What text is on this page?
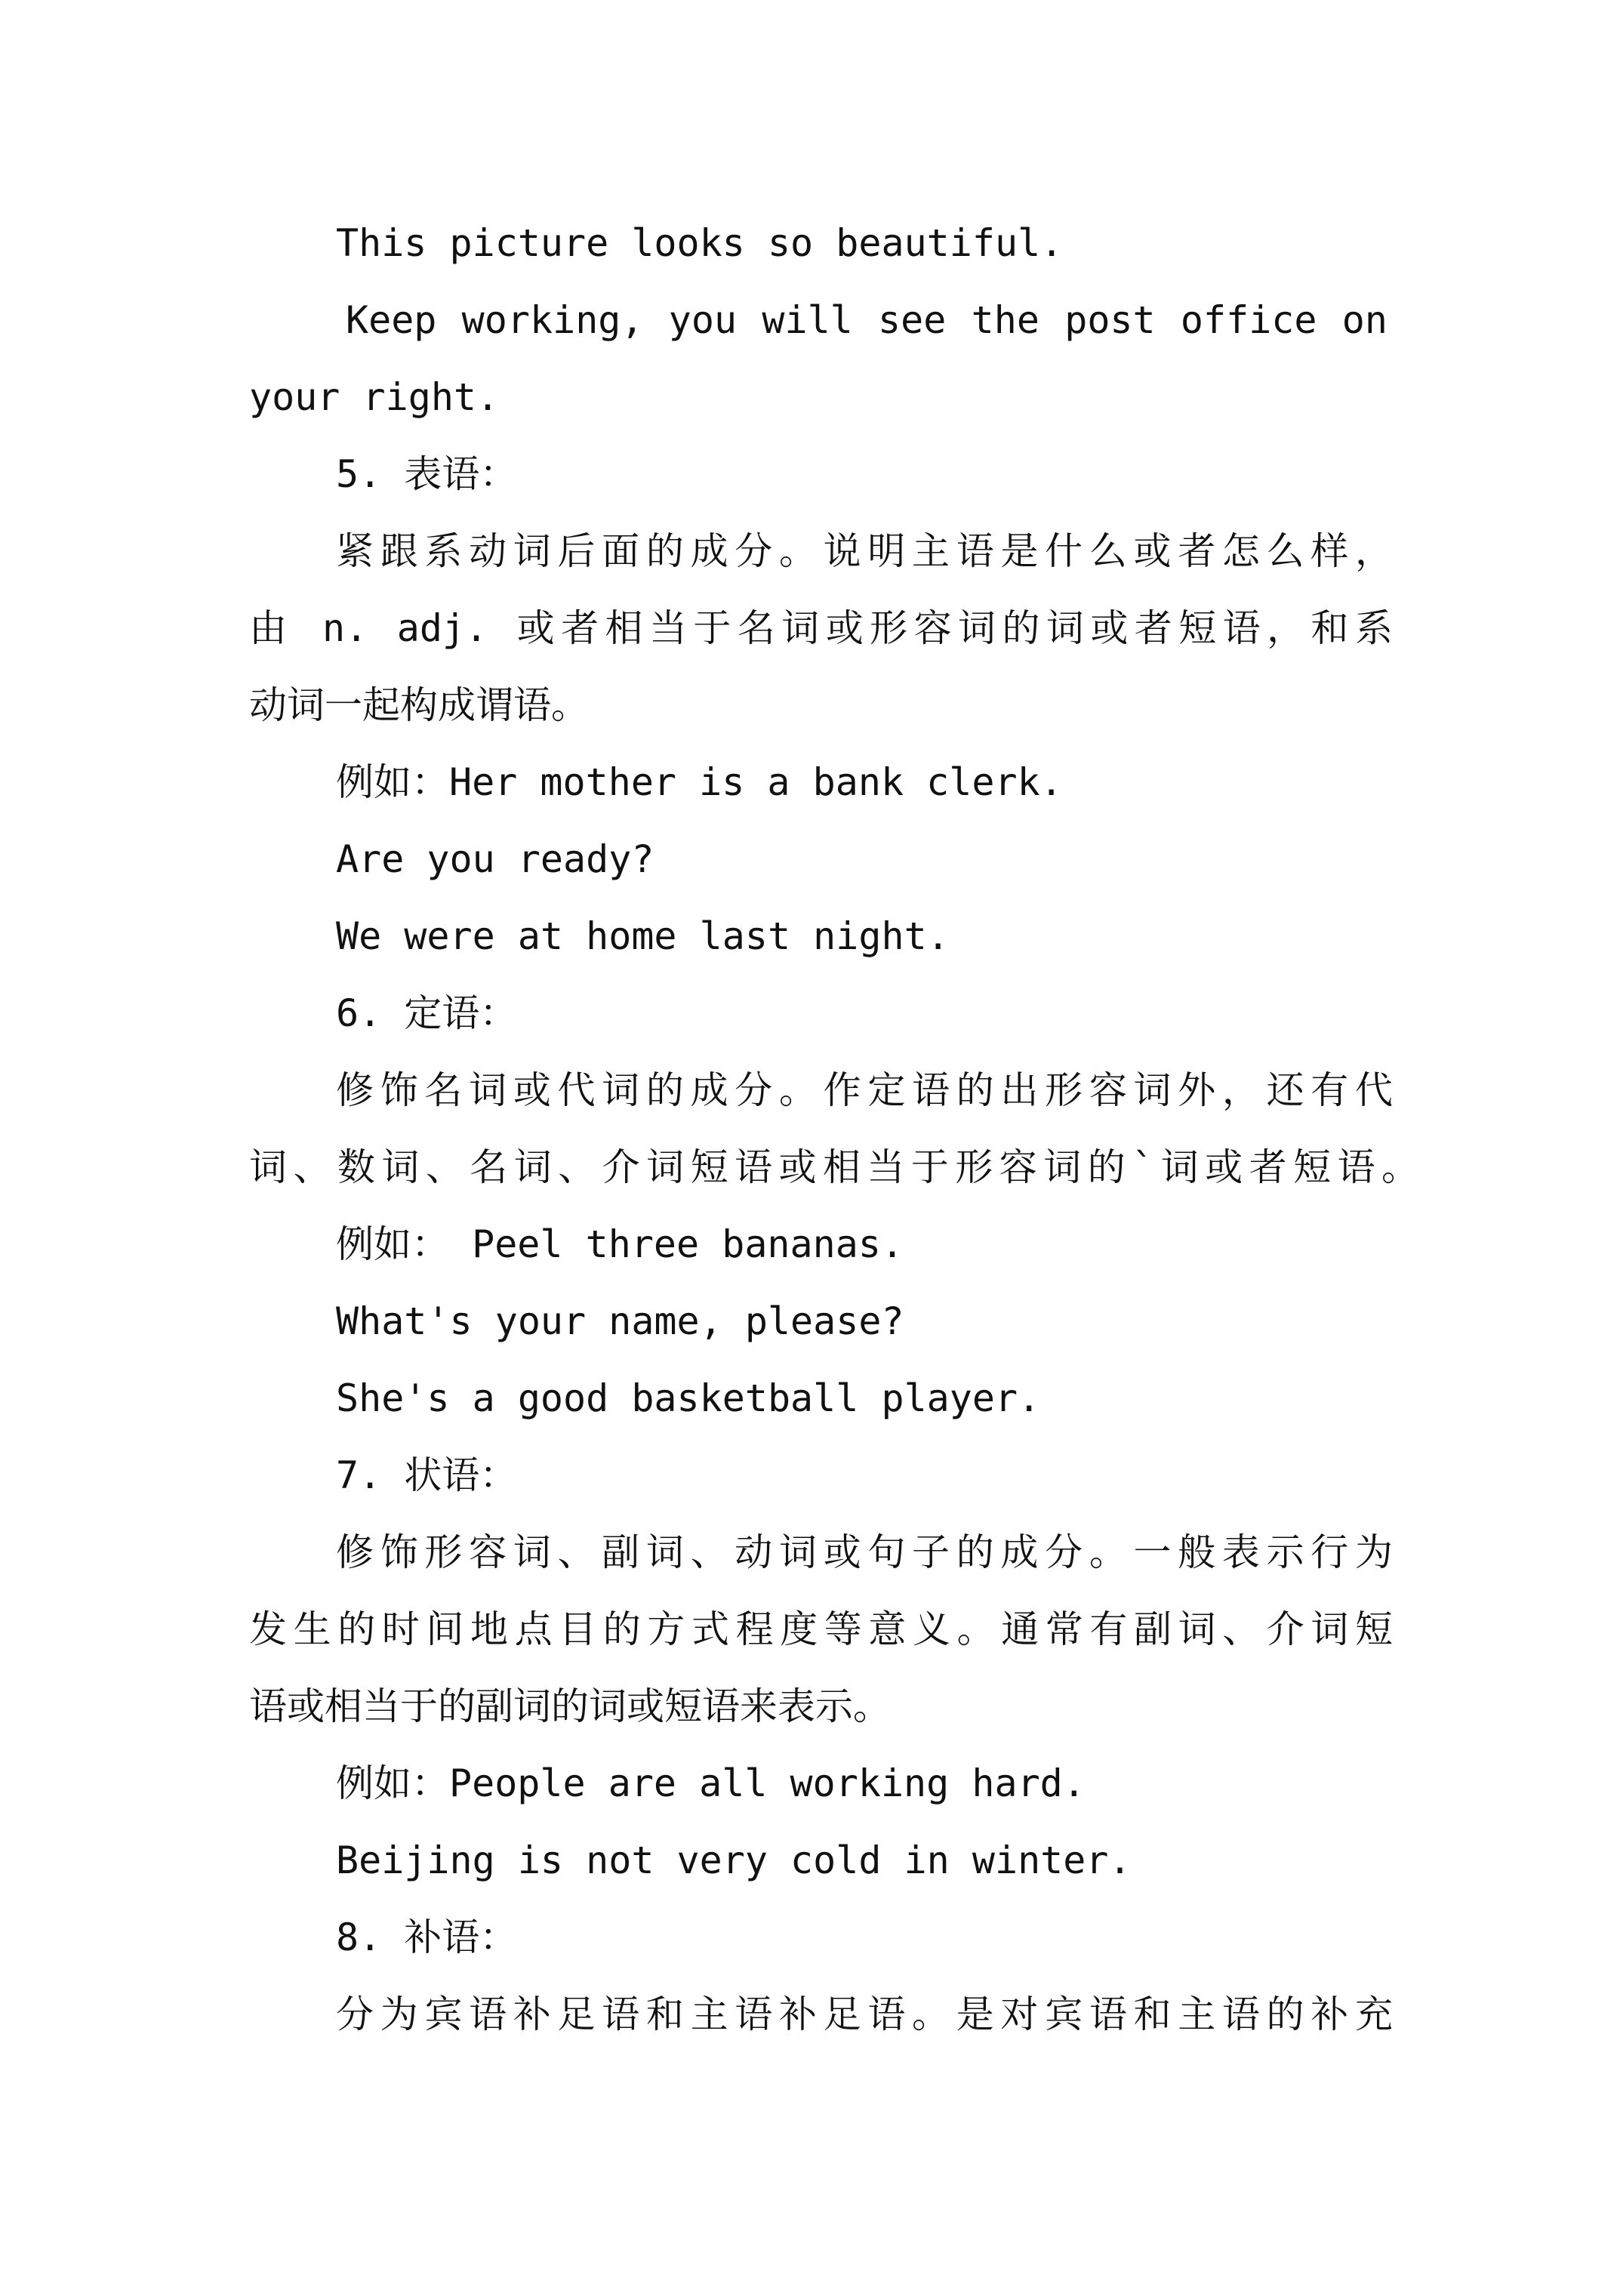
This picture looks so beautiful.
Keep working, you will see the post office on
your right.
5. 表语：
紧跟系动词后面的成分。说明主语是什么或者怎么样，
由 n. adj. 或者相当于名词或形容词的词或者短语，和系
动词一起构成谓语。
例如：Her mother is a bank clerk.
Are you ready?
We were at home last night.
6. 定语：
修饰名词或代词的成分。作定语的出形容词外，还有代
词、数词、名词、介词短语或相当于形容词的`词或者短语。
例如： Peel three bananas.
What's your name, please?
She's a good basketball player.
7. 状语：
修饰形容词、副词、动词或句子的成分。一般表示行为
发生的时间地点目的方式程度等意义。通常有副词、介词短
语或相当于的副词的词或短语来表示。
例如：People are all working hard.
Beijing is not very cold in winter.
8. 补语：
分为宾语补足语和主语补足语。是对宾语和主语的补充
